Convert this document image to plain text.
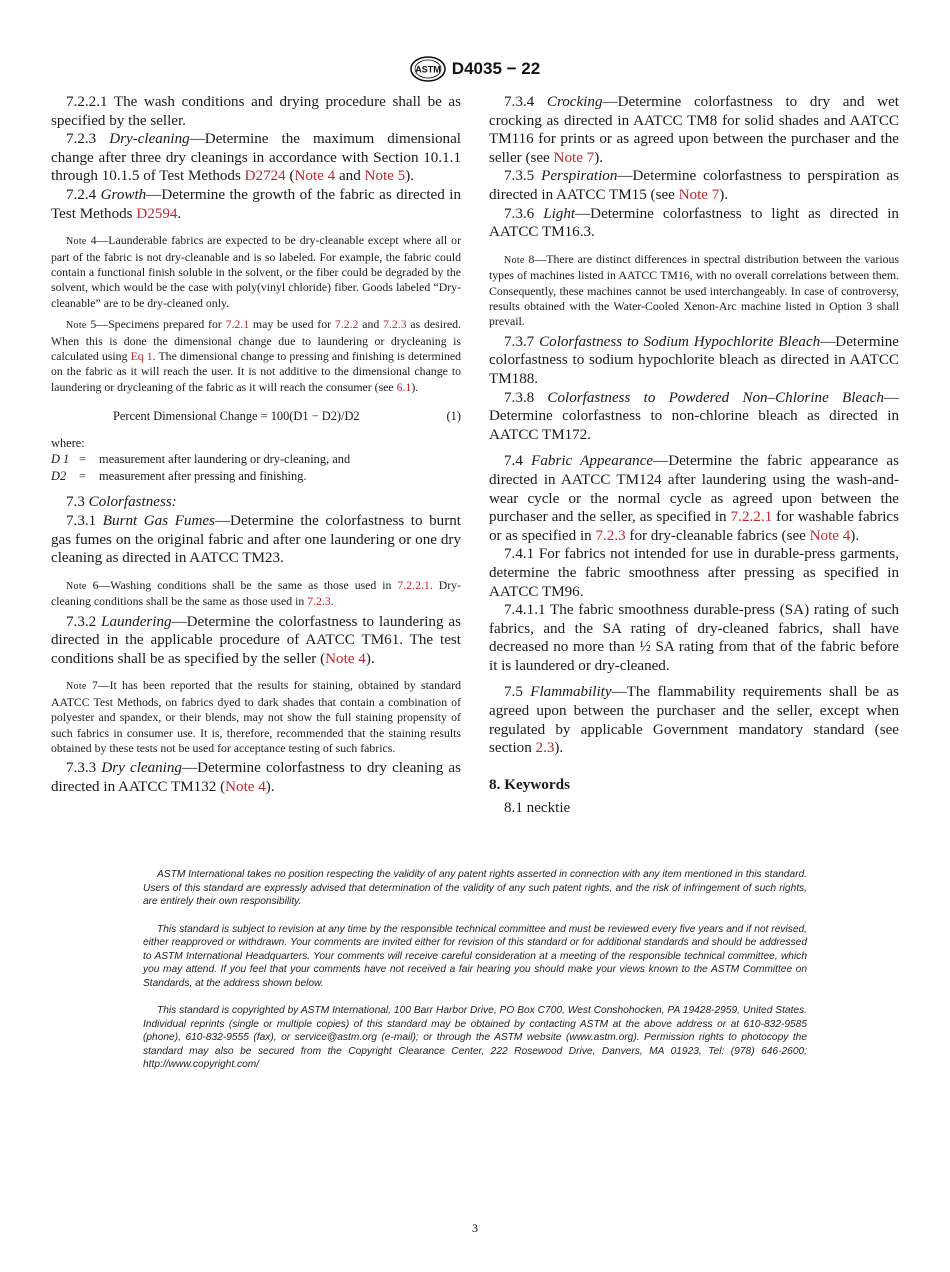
ASTM D4035 − 22

7.2.2.1 The wash conditions and drying procedure shall be as specified by the seller.

7.2.3 Dry-cleaning—Determine the maximum dimensional change after three dry cleanings in accordance with Section 10.1.1 through 10.1.5 of Test Methods D2724 (Note 4 and Note 5).

7.2.4 Growth—Determine the growth of the fabric as directed in Test Methods D2594.

Note 4—Launderable fabrics are expected to be dry-cleanable except where all or part of the fabric is not dry-cleanable and is so labeled. For example, the fabric could contain a functional finish soluble in the solvent, or the fiber could be degraded by the solvent, which would be the case with poly(vinyl chloride) fiber. Goods labeled “Dry-cleanable” are to be dry-cleaned only.

Note 5—Specimens prepared for 7.2.1 may be used for 7.2.2 and 7.2.3 as desired. When this is done the dimensional change due to laundering or drycleaning is calculated using Eq 1. The dimensional change to pressing and finishing is determined on the fabric as it will reach the user. It is not additive to the dimensional change to laundering or drycleaning of the fabric as it will reach the consumer (see 6.1).

Percent Dimensional Change = 100(D1 − D2)/D2	(1)
where:
D 1 =	measurement after laundering or dry-cleaning, and
D2	=	measurement after pressing and finishing.

7.3 Colorfastness:

7.3.1 Burnt Gas Fumes—Determine the colorfastness to burnt gas fumes on the original fabric and after one laundering or one dry cleaning as directed in AATCC TM23.

Note 6—Washing conditions shall be the same as those used in 7.2.2.1. Dry-cleaning conditions shall be the same as those used in 7.2.3.

7.3.2 Laundering—Determine the colorfastness to laundering as directed in the applicable procedure of AATCC TM61. The test conditions shall be as specified by the seller (Note 4).

Note 7—It has been reported that the results for staining, obtained by standard AATCC Test Methods, on fabrics dyed to dark shades that contain a combination of polyester and spandex, or their blends, may not show the full staining propensity of such fabrics in consumer use. It is, therefore, recommended that the staining results obtained by these tests not be used for acceptance testing of such fabrics.

7.3.3 Dry cleaning—Determine colorfastness to dry cleaning as directed in AATCC TM132 (Note 4).

7.3.4 Crocking—Determine colorfastness to dry and wet crocking as directed in AATCC TM8 for solid shades and AATCC TM116 for prints or as agreed upon between the purchaser and the seller (see Note 7).

7.3.5 Perspiration—Determine colorfastness to perspiration as directed in AATCC TM15 (see Note 7).

7.3.6 Light—Determine colorfastness to light as directed in AATCC TM16.3.

Note 8—There are distinct differences in spectral distribution between the various types of machines listed in AATCC TM16, with no overall correlations between them. Consequently, these machines cannot be used interchangeably. In case of controversy, results obtained with the Water-Cooled Xenon-Arc machine listed in Option 3 shall prevail.

7.3.7 Colorfastness to Sodium Hypochlorite Bleach—Determine colorfastness to sodium hypochlorite bleach as directed in AATCC TM188.

7.3.8 Colorfastness to Powdered Non–Chlorine Bleach—Determine colorfastness to non-chlorine bleach as directed in AATCC TM172.

7.4 Fabric Appearance—Determine the fabric appearance as directed in AATCC TM124 after laundering using the wash-and-wear cycle or the normal cycle as agreed upon between the purchaser and the seller, as specified in 7.2.2.1 for washable fabrics or as specified in 7.2.3 for dry-cleanable fabrics (see Note 4).

7.4.1 For fabrics not intended for use in durable-press garments, determine the fabric smoothness after pressing as specified in AATCC TM96.

7.4.1.1 The fabric smoothness durable-press (SA) rating of such fabrics, and the SA rating of dry-cleaned fabrics, shall have decreased no more than ½ SA rating from that of the fabric before it is laundered or dry-cleaned.

7.5 Flammability—The flammability requirements shall be as agreed upon between the purchaser and the seller, except when regulated by applicable Government mandatory standard (see section 2.3).

8. Keywords

8.1 necktie

ASTM International takes no position respecting the validity of any patent rights asserted in connection with any item mentioned in this standard. Users of this standard are expressly advised that determination of the validity of any such patent rights, and the risk of infringement of such rights, are entirely their own responsibility.

This standard is subject to revision at any time by the responsible technical committee and must be reviewed every five years and if not revised, either reapproved or withdrawn. Your comments are invited either for revision of this standard or for additional standards and should be addressed to ASTM International Headquarters. Your comments will receive careful consideration at a meeting of the responsible technical committee, which you may attend. If you feel that your comments have not received a fair hearing you should make your views known to the ASTM Committee on Standards, at the address shown below.

This standard is copyrighted by ASTM International, 100 Barr Harbor Drive, PO Box C700, West Conshohocken, PA 19428-2959, United States. Individual reprints (single or multiple copies) of this standard may be obtained by contacting ASTM at the above address or at 610-832-9585 (phone), 610-832-9555 (fax), or service@astm.org (e-mail); or through the ASTM website (www.astm.org). Permission rights to photocopy the standard may also be secured from the Copyright Clearance Center, 222 Rosewood Drive, Danvers, MA 01923, Tel: (978) 646-2600; http://www.copyright.com/

3
